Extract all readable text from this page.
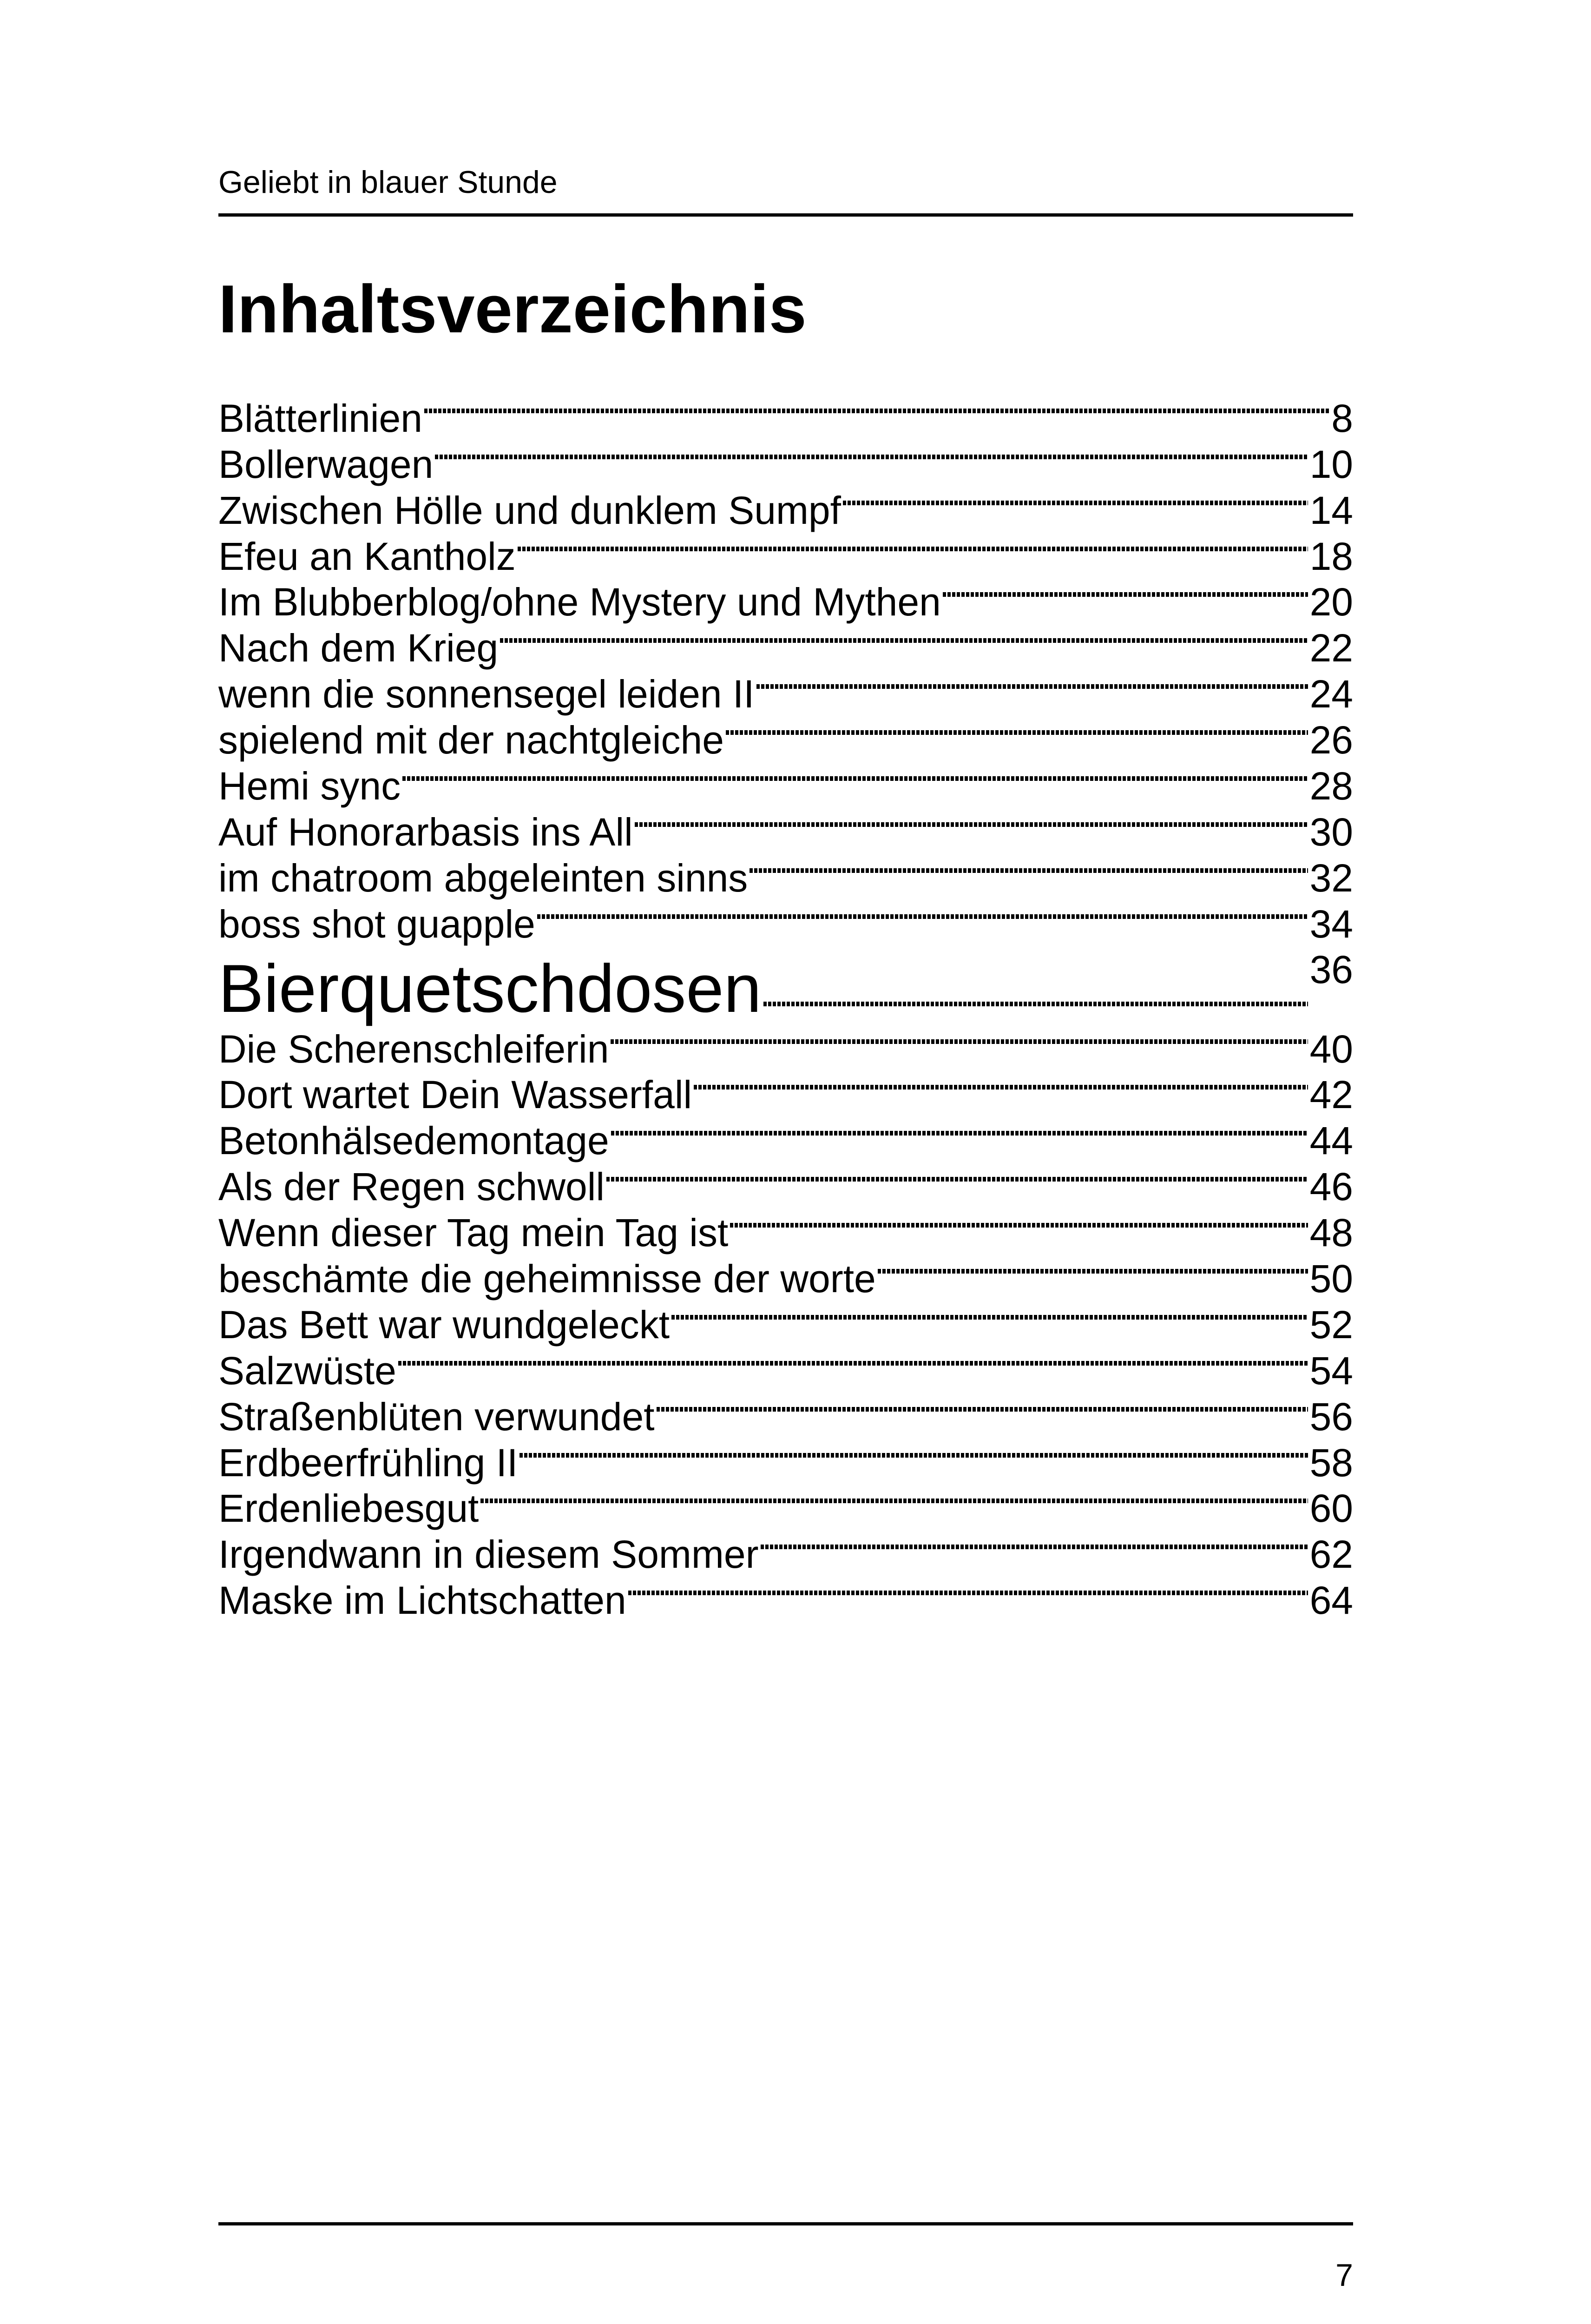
Geliebt in blauer Stunde
Inhaltsverzeichnis
Blätterlinien	8
Bollerwagen	10
Zwischen Hölle und dunklem Sumpf	14
Efeu an Kantholz	18
Im Blubberblog/ohne Mystery und Mythen	20
Nach dem Krieg	22
wenn die sonnensegel leiden II	24
spielend mit der nachtgleiche	26
Hemi sync	28
Auf Honorarbasis ins All	30
im chatroom abgeleinten sinns	32
boss shot guapple	34
Bierquetschdosen	36
Die Scherenschleiferin	40
Dort wartet Dein Wasserfall	42
Betonhälsedemontage	44
Als der Regen schwoll	46
Wenn dieser Tag mein Tag ist	48
beschämte die geheimnisse der worte	50
Das Bett war wundgeleckt	52
Salzwüste	54
Straßenblüten verwundet	56
Erdbeerfrühling II	58
Erdenliebesgut	60
Irgendwann in diesem Sommer	62
Maske im Lichtschatten	64
7
